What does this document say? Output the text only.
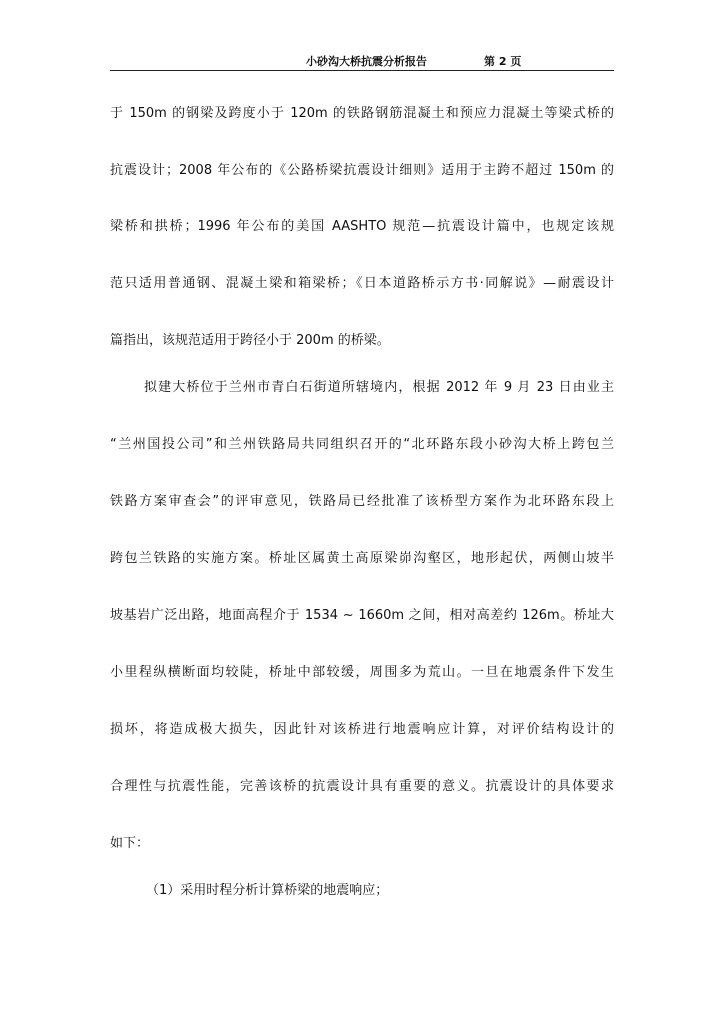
小砂沟大桥抗震分析报告	第 2 页
于 150m 的钢梁及跨度小于 120m 的铁路钢筋混凝土和预应力混凝土等梁式桥的
抗震设计；2008 年公布的《公路桥梁抗震设计细则》适用于主跨不超过 150m 的
梁桥和拱桥；1996 年公布的美国 AASHTO 规范—抗震设计篇中，也规定该规
范只适用普通钢、混凝土梁和箱梁桥；《日本道路桥示方书·同解说》—耐震设计
篇指出，该规范适用于跨径小于 200m 的桥梁。
拟建大桥位于兰州市青白石街道所辖境内，根据 2012 年 9 月 23 日由业主
“兰州国投公司”和兰州铁路局共同组织召开的“北环路东段小砂沟大桥上跨包兰
铁路方案审查会”的评审意见，铁路局已经批准了该桥型方案作为北环路东段上
跨包兰铁路的实施方案。桥址区属黄土高原梁峁沟壑区，地形起伏，两侧山坡半
坡基岩广泛出路，地面高程介于 1534 ~ 1660m 之间，相对高差约 126m。桥址大
小里程纵横断面均较陡，桥址中部较缓，周围多为荒山。一旦在地震条件下发生
损坏，将造成极大损失，因此针对该桥进行地震响应计算，对评价结构设计的
合理性与抗震性能，完善该桥的抗震设计具有重要的意义。抗震设计的具体要求
如下：
（1）采用时程分析计算桥梁的地震响应；
